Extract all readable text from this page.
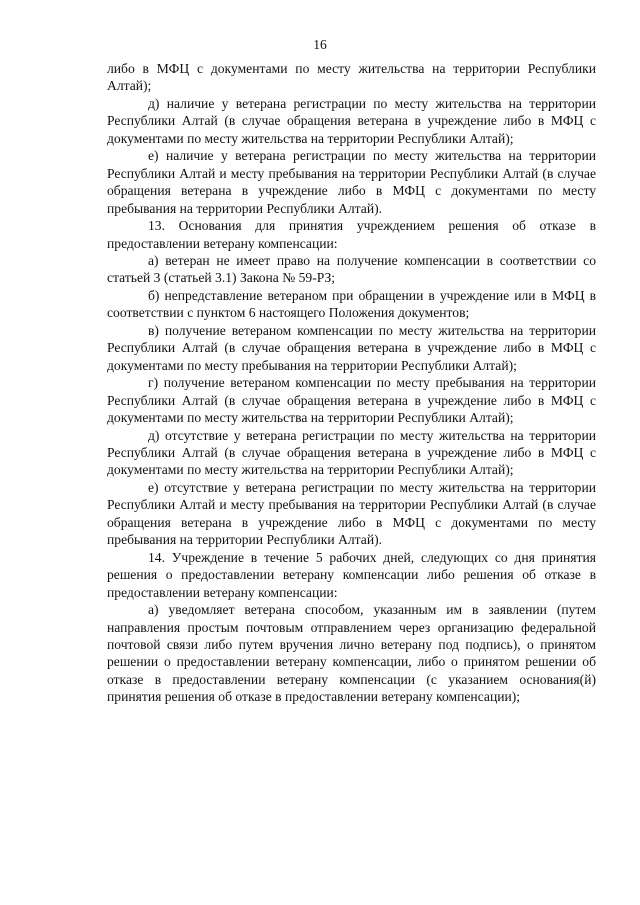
16

либо в МФЦ с документами по месту жительства на территории Республики Алтай);

д) наличие у ветерана регистрации по месту жительства на территории Республики Алтай (в случае обращения ветерана в учреждение либо в МФЦ с документами по месту жительства на территории Республики Алтай);

е) наличие у ветерана регистрации по месту жительства на территории Республики Алтай и месту пребывания на территории Республики Алтай (в случае обращения ветерана в учреждение либо в МФЦ с документами по месту пребывания на территории Республики Алтай).

13. Основания для принятия учреждением решения об отказе в предоставлении ветерану компенсации:

а) ветеран не имеет право на получение компенсации в соответствии со статьей 3 (статьей 3.1) Закона № 59-РЗ;

б) непредставление ветераном при обращении в учреждение или в МФЦ в соответствии с пунктом 6 настоящего Положения документов;

в) получение ветераном компенсации по месту жительства на территории Республики Алтай (в случае обращения ветерана в учреждение либо в МФЦ с документами по месту пребывания на территории Республики Алтай);

г) получение ветераном компенсации по месту пребывания на территории Республики Алтай (в случае обращения ветерана в учреждение либо в МФЦ с документами по месту жительства на территории Республики Алтай);

д) отсутствие у ветерана регистрации по месту жительства на территории Республики Алтай (в случае обращения ветерана в учреждение либо в МФЦ с документами по месту жительства на территории Республики Алтай);

е) отсутствие у ветерана регистрации по месту жительства на территории Республики Алтай и месту пребывания на территории Республики Алтай (в случае обращения ветерана в учреждение либо в МФЦ с документами по месту пребывания на территории Республики Алтай).

14. Учреждение в течение 5 рабочих дней, следующих со дня принятия решения о предоставлении ветерану компенсации либо решения об отказе в предоставлении ветерану компенсации:

а) уведомляет ветерана способом, указанным им в заявлении (путем направления простым почтовым отправлением через организацию федеральной почтовой связи либо путем вручения лично ветерану под подпись), о принятом решении о предоставлении ветерану компенсации, либо о принятом решении об отказе в предоставлении ветерану компенсации (с указанием основания(й) принятия решения об отказе в предоставлении ветерану компенсации);
